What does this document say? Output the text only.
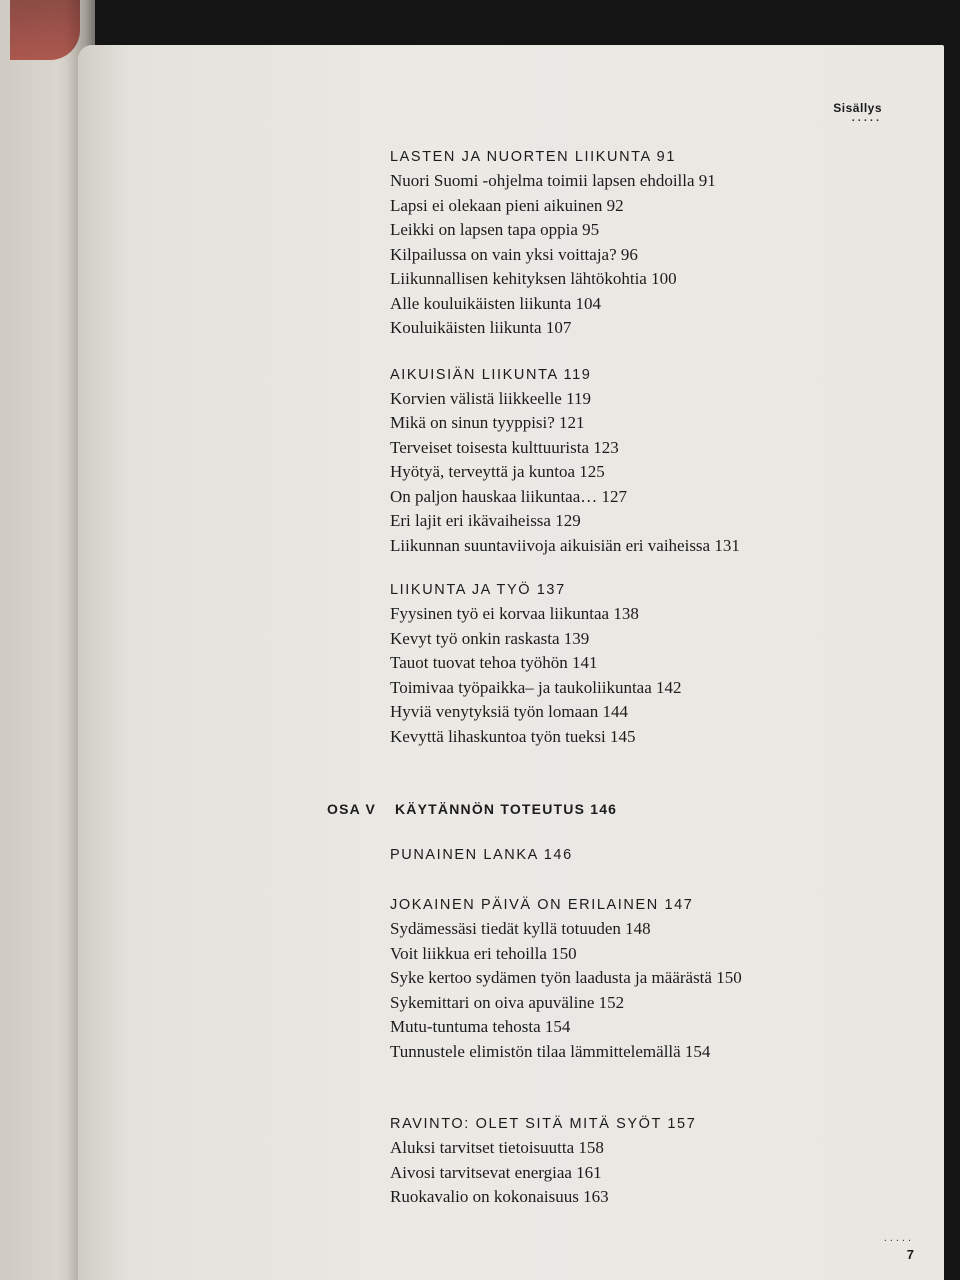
Sisällys
.....

LASTEN JA NUORTEN LIIKUNTA 91

Nuori Suomi -ohjelma toimii lapsen ehdoilla 91

Lapsi ei olekaan pieni aikuinen 92

Leikki on lapsen tapa oppia 95

Kilpailussa on vain yksi voittaja? 96

Liikunnallisen kehityksen lähtökohtia 100

Alle kouluikäisten liikunta 104

Kouluikäisten liikunta 107

AIKUISIÄN LIIKUNTA 119

Korvien välistä liikkeelle 119

Mikä on sinun tyyppisi? 121

Terveiset toisesta kulttuurista 123

Hyötyä, terveyttä ja kuntoa 125

On paljon hauskaa liikuntaa… 127

Eri lajit eri ikävaiheissa 129

Liikunnan suuntaviivoja aikuisiän eri vaiheissa 131

LIIKUNTA JA TYÖ 137

Fyysinen työ ei korvaa liikuntaa 138

Kevyt työ onkin raskasta 139

Tauot tuovat tehoa työhön 141

Toimivaa työpaikka– ja taukoliikuntaa 142

Hyviä venytyksiä työn lomaan 144

Kevyttä lihaskuntoa työn tueksi 145

OSA V KÄYTÄNNÖN TOTEUTUS 146

PUNAINEN LANKA 146

JOKAINEN PÄIVÄ ON ERILAINEN 147

Sydämessäsi tiedät kyllä totuuden 148

Voit liikkua eri tehoilla 150

Syke kertoo sydämen työn laadusta ja määrästä 150

Sykemittari on oiva apuväline 152

Mutu-tuntuma tehosta 154

Tunnustele elimistön tilaa lämmittelemällä 154

RAVINTO: OLET SITÄ MITÄ SYÖT 157

Aluksi tarvitset tietoisuutta 158

Aivosi tarvitsevat energiaa 161

Ruokavalio on kokonaisuus 163

.....
7
